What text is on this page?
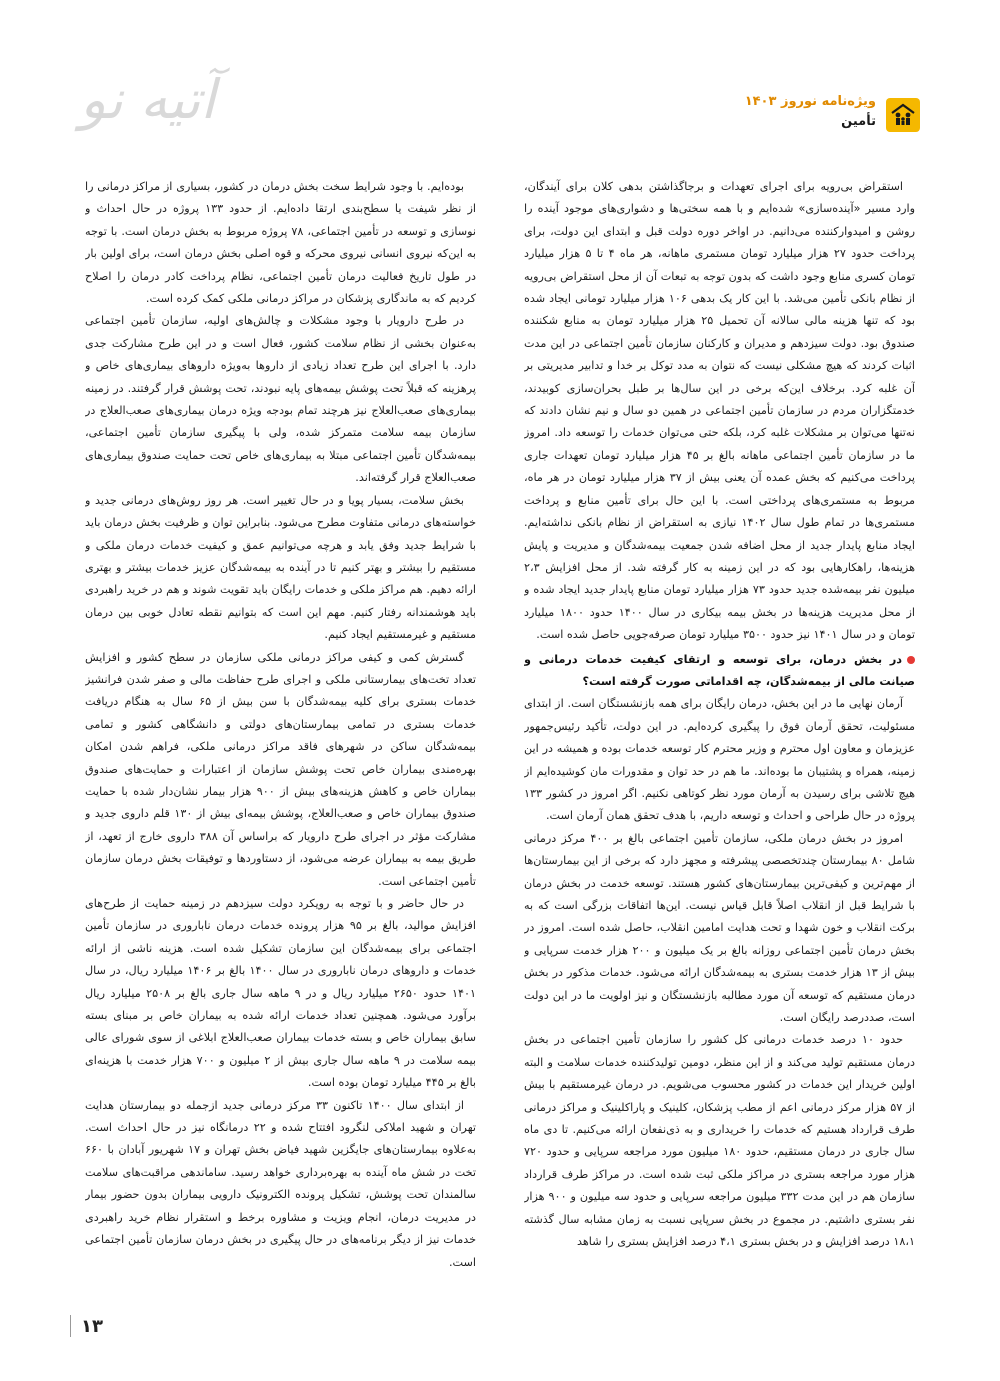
آتیه نو	ویژه‌نامه نوروز ۱۴۰۳
تأمین

استقراض بی‌رویه برای اجرای تعهدات و برجاگذاشتن بدهی کلان برای آیندگان، وارد مسیر «آینده‌سازی» شده‌ایم و با همه سختی‌ها و دشواری‌های موجود آینده را روشن و امیدوارکننده می‌دانیم. در اواخر دوره دولت قبل و ابتدای این دولت، برای پرداخت حدود ۲۷ هزار میلیارد تومان مستمری ماهانه، هر ماه ۴ تا ۵ هزار میلیارد تومان کسری منابع وجود داشت که بدون توجه به تبعات آن از محل استقراض بی‌رویه از نظام بانکی تأمین می‌شد. با این کار یک بدهی ۱۰۶ هزار میلیارد تومانی ایجاد شده بود که تنها هزینه مالی سالانه آن تحمیل ۲۵ هزار میلیارد تومان به منابع شکننده صندوق بود. دولت سیزدهم و مدیران و کارکنان سازمان تأمین اجتماعی در این مدت اثبات کردند که هیچ مشکلی نیست که نتوان به مدد توکل بر خدا و تدابیر مدیریتی بر آن غلبه کرد. برخلاف این‌که برخی در این سال‌ها بر طبل بحران‌سازی کوبیدند، خدمتگزاران مردم در سازمان تأمین اجتماعی در همین دو سال و نیم نشان دادند که نه‌تنها می‌توان بر مشکلات غلبه کرد، بلکه حتی می‌توان خدمات را توسعه داد. امروز ما در سازمان تأمین اجتماعی ماهانه بالغ بر ۴۵ هزار میلیارد تومان تعهدات جاری پرداخت می‌کنیم که بخش عمده آن یعنی بیش از ۳۷ هزار میلیارد تومان در هر ماه، مربوط به مستمری‌های پرداختی است. با این حال برای تأمین منابع و پرداخت مستمری‌ها در تمام طول سال ۱۴۰۲ نیازی به استقراض از نظام بانکی نداشته‌ایم. ایجاد منابع پایدار جدید از محل اضافه شدن جمعیت بیمه‌شدگان و مدیریت و پایش هزینه‌ها، راهکارهایی بود که در این زمینه به کار گرفته شد. از محل افزایش ۲،۳ میلیون نفر بیمه‌شده جدید حدود ۷۳ هزار میلیارد تومان منابع پایدار جدید ایجاد شده و از محل مدیریت هزینه‌ها در بخش بیمه بیکاری در سال ۱۴۰۰ حدود ۱۸۰۰ میلیارد تومان و در سال ۱۴۰۱ نیز حدود ۳۵۰۰ میلیارد تومان صرفه‌جویی حاصل شده است.

در بخش درمان، برای توسعه و ارتقای کیفیت خدمات درمانی و صیانت مالی از بیمه‌شدگان، چه اقداماتی صورت گرفته است؟

آرمان نهایی ما در این بخش، درمان رایگان برای همه بازنشستگان است. از ابتدای مسئولیت، تحقق آرمان فوق را پیگیری کرده‌ایم. در این دولت، تأکید رئیس‌جمهور عزیزمان و معاون اول محترم و وزیر محترم کار توسعه خدمات بوده و همیشه در این زمینه، همراه و پشتیبان ما بوده‌اند. ما هم در حد توان و مقدورات مان کوشیده‌ایم از هیچ تلاشی برای رسیدن به آرمان مورد نظر کوتاهی نکنیم. اگر امروز در کشور ۱۳۳ پروژه در حال طراحی و احداث و توسعه داریم، با هدف تحقق همان آرمان است.

امروز در بخش درمان ملکی، سازمان تأمین اجتماعی بالغ بر ۴۰۰ مرکز درمانی شامل ۸۰ بیمارستان چندتخصصی پیشرفته و مجهز دارد که برخی از این بیمارستان‌ها از مهم‌ترین و کیفی‌ترین بیمارستان‌های کشور هستند. توسعه خدمت در بخش درمان با شرایط قبل از انقلاب اصلاً قابل قیاس نیست. این‌ها اتفاقات بزرگی است که به برکت انقلاب و خون شهدا و تحت هدایت امامین انقلاب، حاصل شده است. امروز در بخش درمان تأمین اجتماعی روزانه بالغ بر یک میلیون و ۲۰۰ هزار خدمت سرپایی و بیش از ۱۳ هزار خدمت بستری به بیمه‌شدگان ارائه می‌شود. خدمات مذکور در بخش درمان مستقیم که توسعه آن مورد مطالبه بازنشستگان و نیز اولویت ما در این دولت است، صددرصد رایگان است.

حدود ۱۰ درصد خدمات درمانی کل کشور را سازمان تأمین اجتماعی در بخش درمان مستقیم تولید می‌کند و از این منظر، دومین تولیدکننده خدمات سلامت و البته اولین خریدار این خدمات در کشور محسوب می‌شویم. در درمان غیرمستقیم با بیش از ۵۷ هزار مرکز درمانی اعم از مطب پزشکان، کلینیک و پاراکلینیک و مراکز درمانی طرف قرارداد هستیم که خدمات را خریداری و به ذی‌نفعان ارائه می‌کنیم. تا دی ماه سال جاری در درمان مستقیم، حدود ۱۸۰ میلیون مورد مراجعه سرپایی و حدود ۷۲۰ هزار مورد مراجعه بستری در مراکز ملکی ثبت شده است. در مراکز طرف قرارداد سازمان هم در این مدت ۳۳۲ میلیون مراجعه سرپایی و حدود سه میلیون و ۹۰۰ هزار نفر بستری داشتیم. در مجموع در بخش سرپایی نسبت به زمان مشابه سال گذشته ۱۸،۱ درصد افزایش و در بخش بستری ۴،۱ درصد افزایش بستری را شاهد

بوده‌ایم. با وجود شرایط سخت بخش درمان در کشور، بسیاری از مراکز درمانی را از نظر شیفت یا سطح‌بندی ارتقا داده‌ایم. از حدود ۱۳۳ پروژه در حال احداث و نوسازی و توسعه در تأمین اجتماعی، ۷۸ پروژه مربوط به بخش درمان است. با توجه به این‌که نیروی انسانی نیروی محرکه و قوه اصلی بخش درمان است، برای اولین بار در طول تاریخ فعالیت درمان تأمین اجتماعی، نظام پرداخت کادر درمان را اصلاح کردیم که به ماندگاری پزشکان در مراکز درمانی ملکی کمک کرده است.

در طرح دارویار با وجود مشکلات و چالش‌های اولیه، سازمان تأمین اجتماعی به‌عنوان بخشی از نظام سلامت کشور، فعال است و در این طرح مشارکت جدی دارد. با اجرای این طرح تعداد زیادی از داروها به‌ویژه داروهای بیماری‌های خاص و پرهزینه که قبلاً تحت پوشش بیمه‌های پایه نبودند، تحت پوشش قرار گرفتند. در زمینه بیماری‌های صعب‌العلاج نیز هرچند تمام بودجه ویژه درمان بیماری‌های صعب‌العلاج در سازمان بیمه سلامت متمرکز شده، ولی با پیگیری سازمان تأمین اجتماعی، بیمه‌شدگان تأمین اجتماعی مبتلا به بیماری‌های خاص تحت حمایت صندوق بیماری‌های صعب‌العلاج قرار گرفته‌اند.

بخش سلامت، بسیار پویا و در حال تغییر است. هر روز روش‌های درمانی جدید و خواسته‌های درمانی متفاوت مطرح می‌شود. بنابراین توان و ظرفیت بخش درمان باید با شرایط جدید وفق یابد و هرچه می‌توانیم عمق و کیفیت خدمات درمان ملکی و مستقیم را بیشتر و بهتر کنیم تا در آینده به بیمه‌شدگان عزیز خدمات بیشتر و بهتری ارائه دهیم. هم مراکز ملکی و خدمات رایگان باید تقویت شوند و هم در خرید راهبردی باید هوشمندانه رفتار کنیم. مهم این است که بتوانیم نقطه تعادل خوبی بین درمان مستقیم و غیرمستقیم ایجاد کنیم.

گسترش کمی و کیفی مراکز درمانی ملکی سازمان در سطح کشور و افزایش تعداد تخت‌های بیمارستانی ملکی و اجرای طرح حفاظت مالی و صفر شدن فرانشیز خدمات بستری برای کلیه بیمه‌شدگان با سن بیش از ۶۵ سال به هنگام دریافت خدمات بستری در تمامی بیمارستان‌های دولتی و دانشگاهی کشور و تمامی بیمه‌شدگان ساکن در شهرهای فاقد مراکز درمانی ملکی، فراهم شدن امکان بهره‌مندی بیماران خاص تحت پوشش سازمان از اعتبارات و حمایت‌های صندوق بیماران خاص و کاهش هزینه‌های بیش از ۹۰۰ هزار بیمار نشان‌دار شده با حمایت صندوق بیماران خاص و صعب‌العلاج، پوشش بیمه‌ای بیش از ۱۳۰ قلم داروی جدید و مشارکت مؤثر در اجرای طرح دارویار که براساس آن ۳۸۸ داروی خارج از تعهد، از طریق بیمه به بیماران عرضه می‌شود، از دستاوردها و توفیقات بخش درمان سازمان تأمین اجتماعی است.

در حال حاضر و با توجه به رویکرد دولت سیزدهم در زمینه حمایت از طرح‌های افزایش موالید، بالغ بر ۹۵ هزار پرونده خدمات درمان ناباروری در سازمان تأمین اجتماعی برای بیمه‌شدگان این سازمان تشکیل شده است. هزینه ناشی از ارائه خدمات و داروهای درمان ناباروری در سال ۱۴۰۰ بالغ بر ۱۴۰۶ میلیارد ریال، در سال ۱۴۰۱ حدود ۲۶۵۰ میلیارد ریال و در ۹ ماهه سال جاری بالغ بر ۲۵۰۸ میلیارد ریال برآورد می‌شود. همچنین تعداد خدمات ارائه شده به بیماران خاص بر مبنای بسته سابق بیماران خاص و بسته خدمات بیماران صعب‌العلاج ابلاغی از سوی شورای عالی بیمه سلامت در ۹ ماهه سال جاری بیش از ۲ میلیون و ۷۰۰ هزار خدمت با هزینه‌ای بالغ بر ۴۴۵ میلیارد تومان بوده است.

از ابتدای سال ۱۴۰۰ تاکنون ۳۳ مرکز درمانی جدید ازجمله دو بیمارستان هدایت تهران و شهید املاکی لنگرود افتتاح شده و ۲۲ درمانگاه نیز در حال احداث است. به‌علاوه بیمارستان‌های جایگزین شهید فیاض بخش تهران و ۱۷ شهریور آبادان با ۶۶۰ تخت در شش ماه آینده به بهره‌برداری خواهد رسید. ساماندهی مراقبت‌های سلامت سالمندان تحت پوشش، تشکیل پرونده الکترونیک دارویی بیماران بدون حضور بیمار در مدیریت درمان، انجام ویزیت و مشاوره برخط و استقرار نظام خرید راهبردی خدمات نیز از دیگر برنامه‌های در حال پیگیری در بخش درمان سازمان تأمین اجتماعی است.

۱۳
